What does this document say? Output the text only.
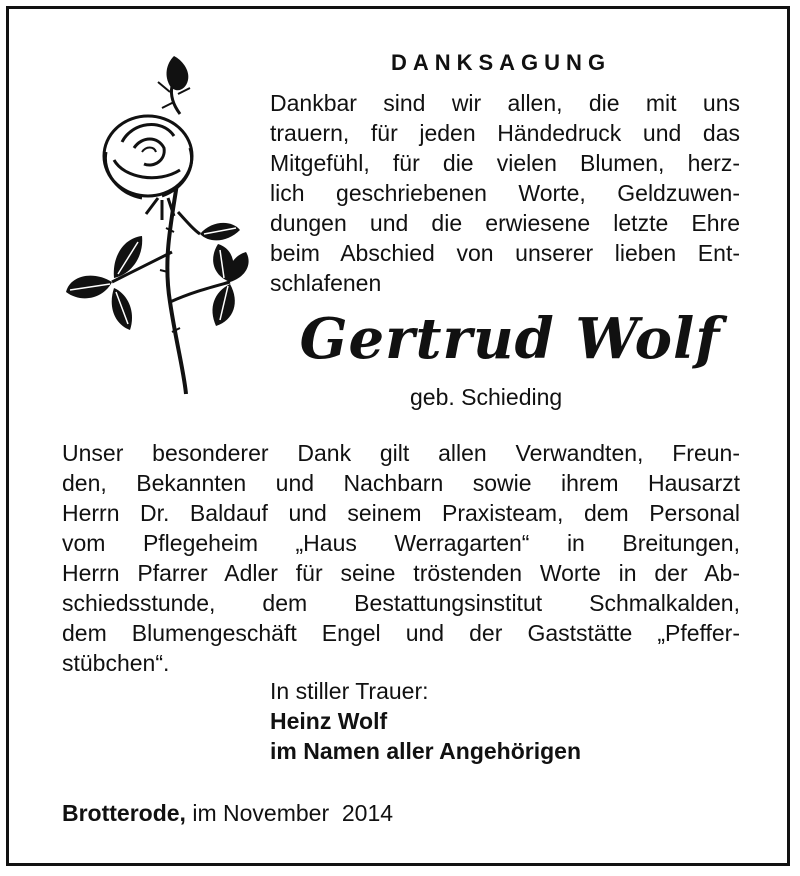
DANKSAGUNG

Dankbar sind wir allen, die mit uns
trauern, für jeden Händedruck und das
Mitgefühl, für die vielen Blumen, herz-
lich geschriebenen Worte, Geldzuwen-
dungen und die erwiesene letzte Ehre
beim Abschied von unserer lieben Ent-
schlafenen

Gertrud Wolf
geb. Schieding

Unser besonderer Dank gilt allen Verwandten, Freun-
den, Bekannten und Nachbarn sowie ihrem Hausarzt
Herrn Dr. Baldauf und seinem Praxisteam, dem Personal
vom Pflegeheim „Haus Werragarten“ in Breitungen,
Herrn Pfarrer Adler für seine tröstenden Worte in der Ab-
schiedsstunde, dem Bestattungsinstitut Schmalkalden,
dem Blumengeschäft Engel und der Gaststätte „Pfeffer-
stübchen“.

In stiller Trauer:
Heinz Wolf
im Namen aller Angehörigen
Brotterode, im November  2014
